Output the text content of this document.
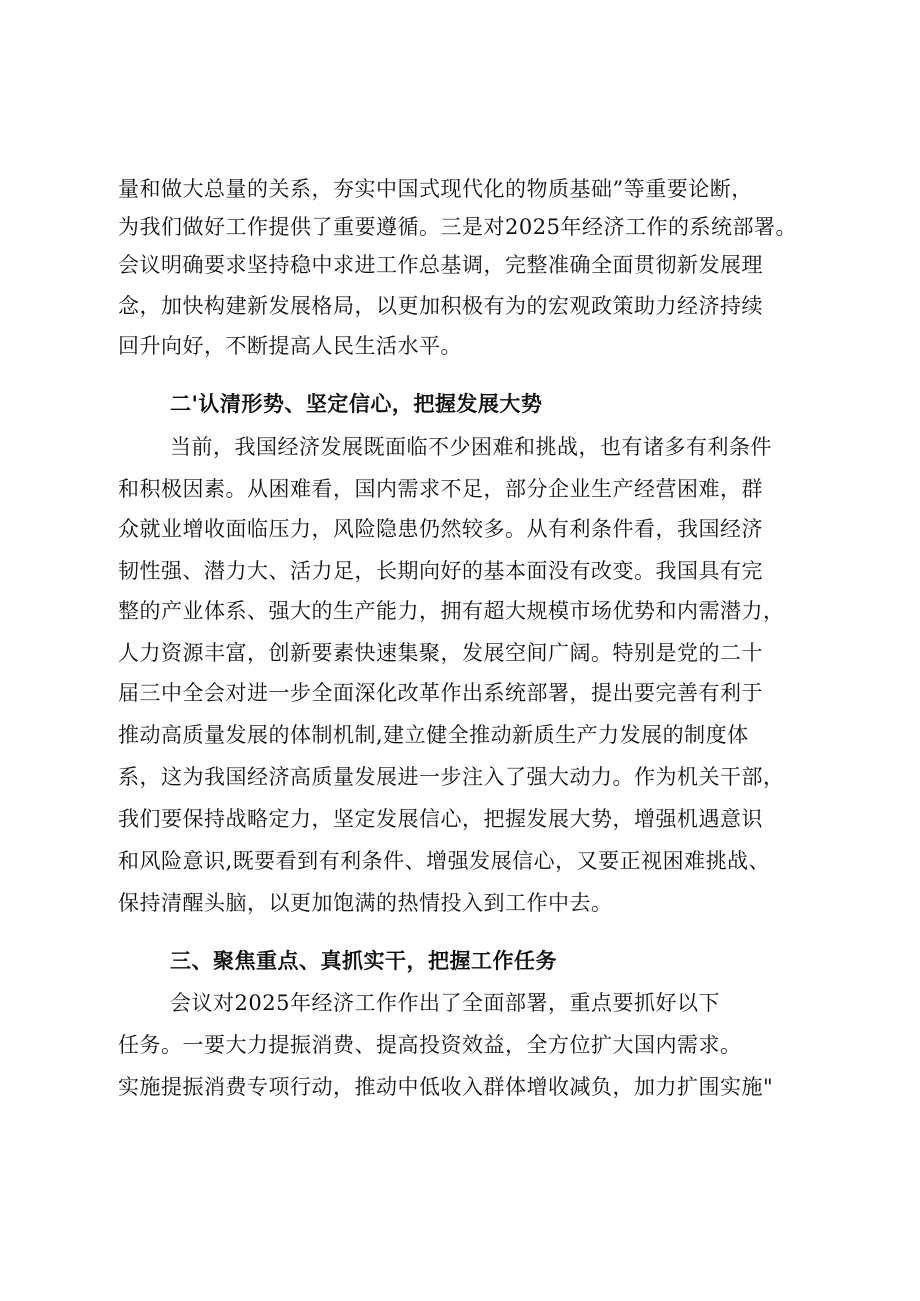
量和做大总量的关系，夯实中国式现代化的物质基础”等重要论断，
为我们做好工作提供了重要遵循。三是对2025年经济工作的系统部署。
会议明确要求坚持稳中求进工作总基调，完整准确全面贯彻新发展理
念，加快构建新发展格局，以更加积极有为的宏观政策助力经济持续
回升向好，不断提高人民生活水平。
二'认清形势、坚定信心，把握发展大势
当前，我国经济发展既面临不少困难和挑战，也有诸多有利条件
和积极因素。从困难看，国内需求不足，部分企业生产经营困难，群
众就业增收面临压力，风险隐患仍然较多。从有利条件看，我国经济
韧性强、潜力大、活力足，长期向好的基本面没有改变。我国具有完
整的产业体系、强大的生产能力，拥有超大规模市场优势和内需潜力，
人力资源丰富，创新要素快速集聚，发展空间广阔。特别是党的二十
届三中全会对进一步全面深化改革作出系统部署，提出要完善有利于
推动高质量发展的体制机制,建立健全推动新质生产力发展的制度体
系，这为我国经济高质量发展进一步注入了强大动力。作为机关干部，
我们要保持战略定力，坚定发展信心，把握发展大势，增强机遇意识
和风险意识,既要看到有利条件、增强发展信心，又要正视困难挑战、
保持清醒头脑，以更加饱满的热情投入到工作中去。
三、聚焦重点、真抓实干，把握工作任务
会议对2025年经济工作作出了全面部署，重点要抓好以下
任务。一要大力提振消费、提高投资效益，全方位扩大国内需求。
实施提振消费专项行动，推动中低收入群体增收减负，加力扩围实施"
